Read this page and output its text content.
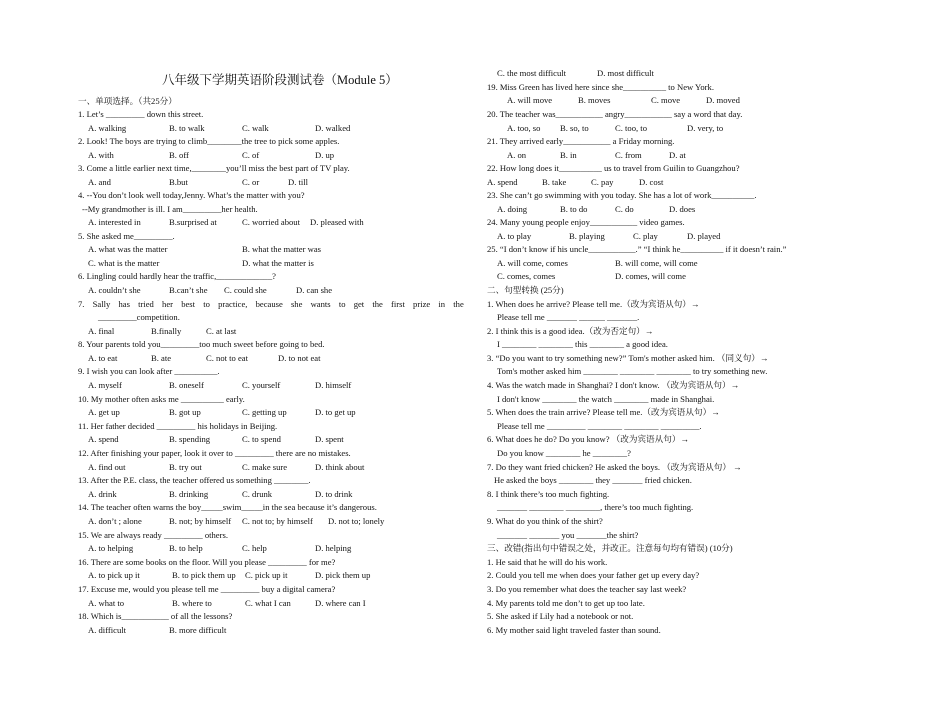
八年级下学期英语阶段测试卷（Module 5）
一、单项选择。（共25分）
1. Let’s _________ down this street.
A. walking	B. to walk	C. walk	D. walked
2. Look! The boys are trying to climb________the tree to pick some apples.
A. with	B. off	C. of	D. up
3. Come a little earlier next time,________you’ll miss the best part of TV play.
A. and	B.but	C. or	D. till
4. --You don’t look well today,Jenny. What’s the matter with you?
--My grandmother is ill. I am_________her health.
A. interested in	B.surprised at	C. worried about D. pleased with
5. She asked me_________.
A. what was the matter	B. what the matter was
C. what is the matter	D. what the matter is
6. Lingling could hardly hear the traffic,_____________?
A. couldn’t she	B.can’t she C. could she	D. can she
7. Sally has tried her best to practice, because she wants to get the first prize in the
_________competition.
A. final	B.finally	C. at last
8. Your parents told you_________too much sweet before going to bed.
A. to eat	B. ate	C. not to eat	D. to not eat
9. I wish you can look after __________.
A. myself	B. oneself	C. yourself	D. himself
10. My mother often asks me __________ early.
A. get up	B. got up	C. getting up	D. to get up
11. Her father decided _________ his holidays in Beijing.
A. spend	B. spending	C. to spend	D. spent
12. After finishing your paper, look it over to _________ there are no mistakes.
A. find out	B. try out	C. make sure	D. think about
13. After the P.E. class, the teacher offered us something ________.
A. drink	B. drinking	C. drunk	D. to drink
14. The teacher often warns the boy_____swim_____in the sea because it’s dangerous.
A. don’t ; alone	B. not; by himself C. not to; by himself D. not to; lonely
15. We are always ready _________ others.
A. to helping	B. to help	C. help	D. helping
16. There are some books on the floor. Will you please _________ for me?
A. to pick up it	B. to pick them up C. pick up it	D. pick them up
17. Excuse me, would you please tell me _________ buy a digital camera?
A. what to	B. where to	C. what I can	D. where can I
18. Which is___________ of all the lessons?
A. difficult	B. more difficult
C. the most difficult	D. most difficult
19. Miss Green has lived here since she__________ to New York.
A. will move	B. moves	C. move	D. moved
20. The teacher was___________ angry___________ say a word that day.
A. too, so B. so, to	C. too, to	D. very, to
21. They arrived early___________ a Friday morning.
A. on	B. in	C. from	D. at
22. How long does it__________ us to travel from Guilin to Guangzhou?
A. spend	B. take	C. pay	D. cost
23. She can’t go swimming with you today. She has a lot of work__________.
A. doing	B. to do	C. do	D. does
24. Many young people enjoy___________ video games.
A. to play	B. playing	C. play	D. played
25. “I don’t know if his uncle___________.” “I think he__________ if it doesn’t rain.”
A. will come, comes	B. will come, will come
C. comes, comes	D. comes, will come
二、句型转换 (25分)
1. When does he arrive? Please tell me.（改为宾语从句）→
Please tell me _______ ______ _______.
2. I think this is a good idea.（改为否定句）→
I ________ ________ this ________ a good idea.
3. “Do you want to try something new?” Tom's mother asked him. （同义句）→
Tom's mother asked him ________ ________ ________ to try something new.
4. Was the watch made in Shanghai? I don't know. （改为宾语从句）→
I don't know ________ the watch ________ made in Shanghai.
5. When does the train arrive? Please tell me.（改为宾语从句）→
Please tell me _________ ________ ________ _________.
6. What does he do? Do you know? （改为宾语从句）→
Do you know ________ he ________?
7. Do they want fried chicken? He asked the boys. （改为宾语从句） →
He asked the boys ________ they _______ fried chicken.
8. I think there’s too much fighting.
_______ ________ ________, there’s too much fighting.
9. What do you think of the shirt?
_______ _______ you _______the shirt?
三、改错(指出句中错误之处，并改正。注意每句均有错误) (10分)
1. He said that he will do his work.
2. Could you tell me when does your father get up every day?
3. Do you remember what does the teacher say last week?
4. My parents told me don’t to get up too late.
5. She asked if Lily had a notebook or not.
6. My mother said light traveled faster than sound.
